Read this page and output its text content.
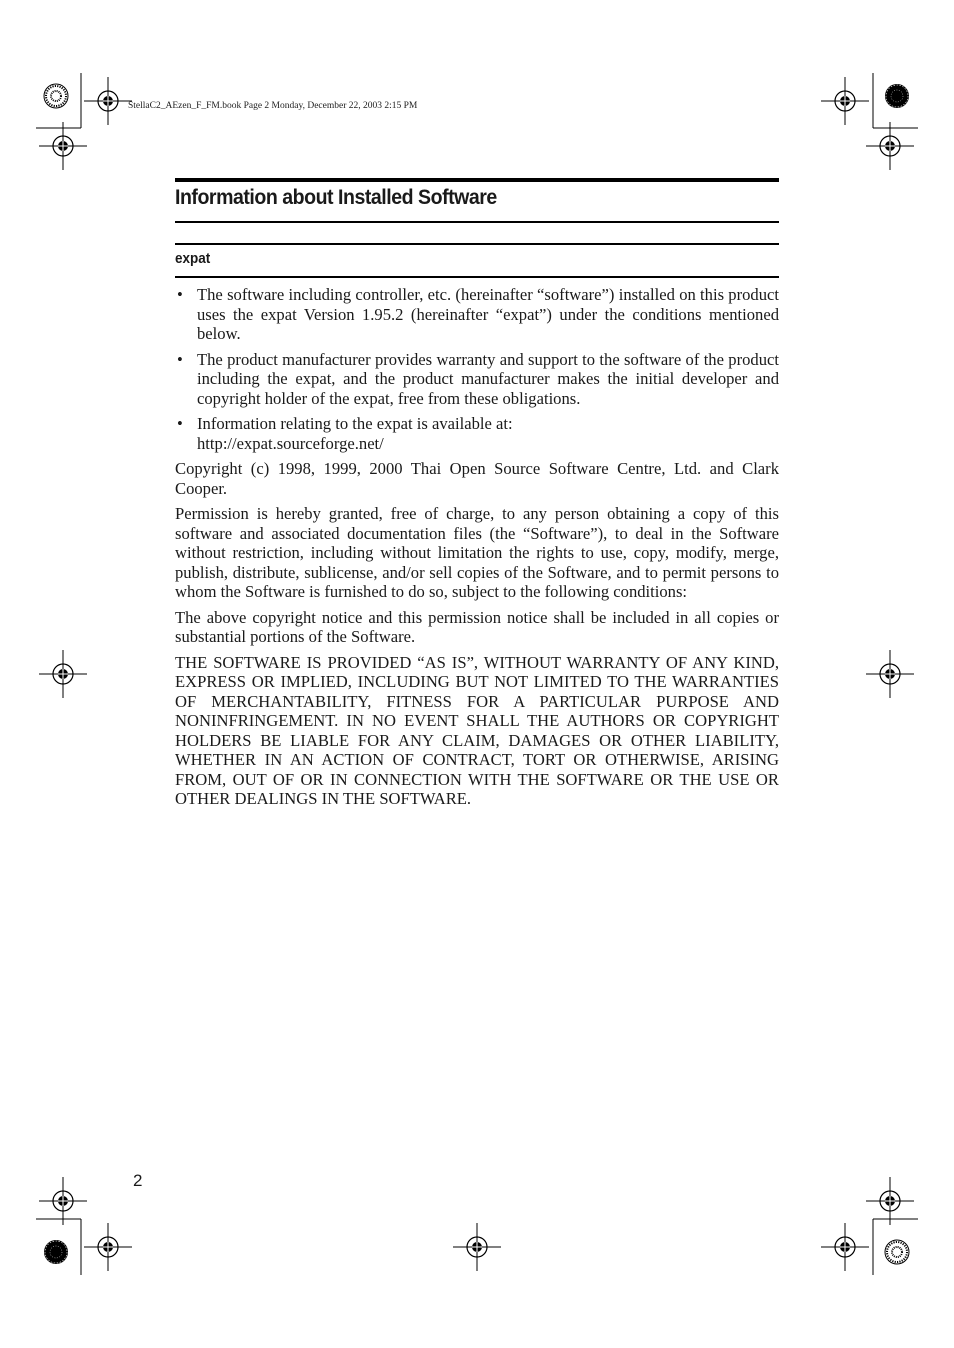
StellaC2_AEzen_F_FM.book Page 2 Monday, December 22, 2003 2:15 PM
Information about Installed Software
expat
• The software including controller, etc. (hereinafter “software”) installed on this product uses the expat Version 1.95.2 (hereinafter “expat”) under the conditions mentioned below.
• The product manufacturer provides warranty and support to the software of the product including the expat, and the product manufacturer makes the initial developer and copyright holder of the expat, free from these obligations.
• Information relating to the expat is available at:
http://expat.sourceforge.net/

Copyright (c) 1998, 1999, 2000 Thai Open Source Software Centre, Ltd. and Clark Cooper.

Permission is hereby granted, free of charge, to any person obtaining a copy of this software and associated documentation files (the “Software”), to deal in the Software without restriction, including without limitation the rights to use, copy, modify, merge, publish, distribute, sublicense, and/or sell copies of the Software, and to permit persons to whom the Software is furnished to do so, subject to the following conditions:

The above copyright notice and this permission notice shall be included in all copies or substantial portions of the Software.

THE SOFTWARE IS PROVIDED “AS IS”, WITHOUT WARRANTY OF ANY KIND, EXPRESS OR IMPLIED, INCLUDING BUT NOT LIMITED TO THE WARRANTIES OF MERCHANTABILITY, FITNESS FOR A PARTICULAR PURPOSE AND NONINFRINGEMENT. IN NO EVENT SHALL THE AUTHORS OR COPYRIGHT HOLDERS BE LIABLE FOR ANY CLAIM, DAMAGES OR OTHER LIABILITY, WHETHER IN AN ACTION OF CONTRACT, TORT OR OTHERWISE, ARISING FROM, OUT OF OR IN CONNECTION WITH THE SOFTWARE OR THE USE OR OTHER DEALINGS IN THE SOFTWARE.

2
